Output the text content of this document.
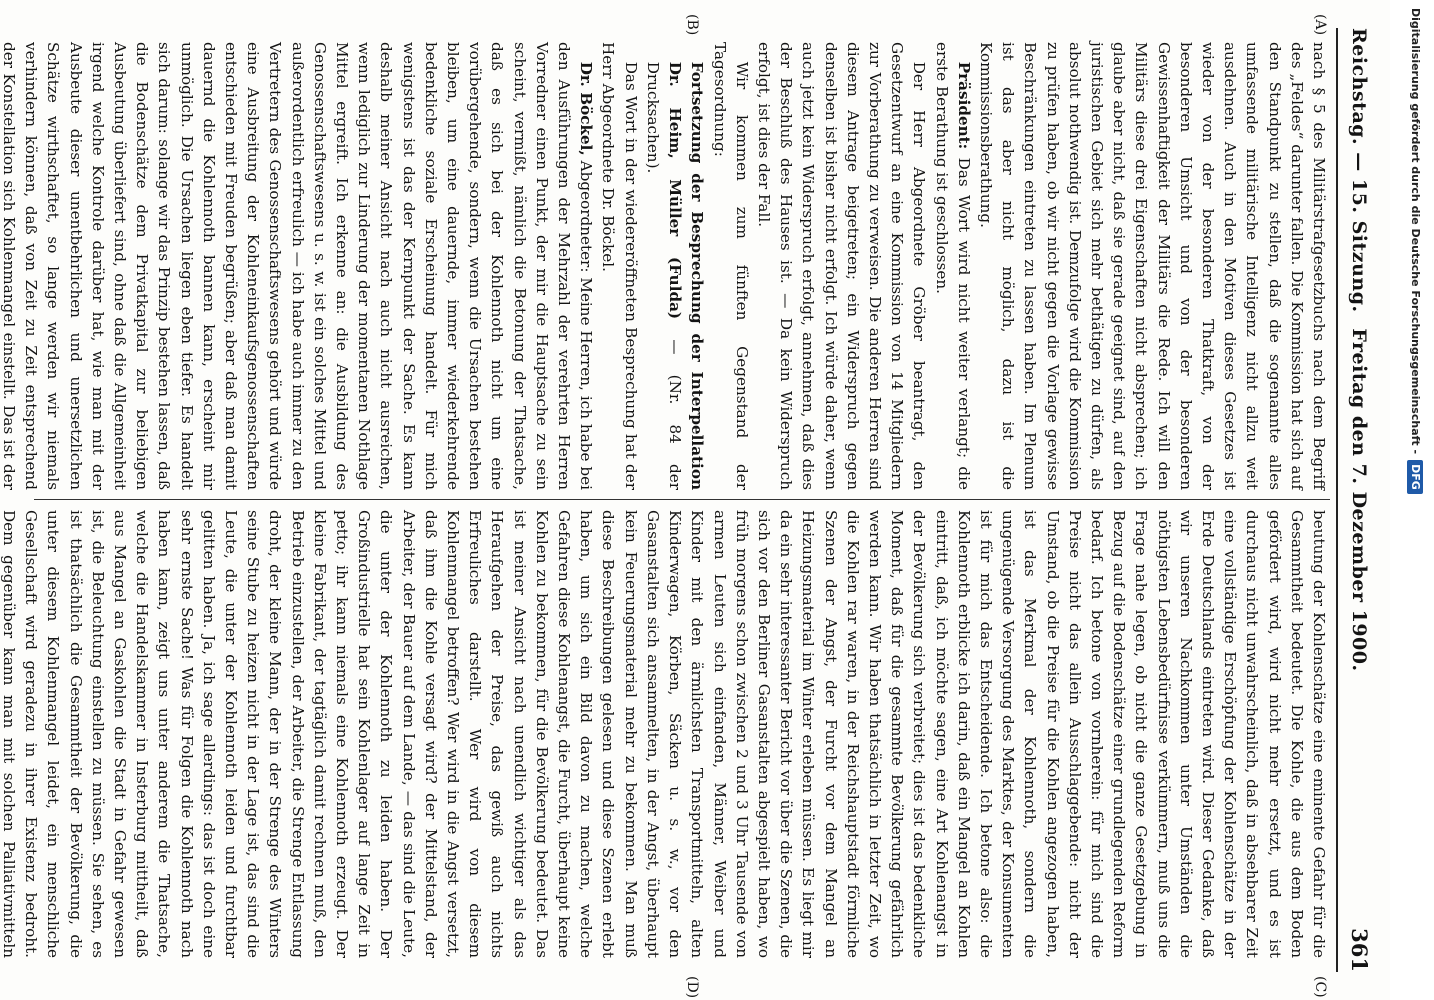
Reichstag. — 15. Sitzung.
Freitag den 7. Dezember 1900.
361
(A)
(B)
(C)
(D)

nach § 5 des Militärstrafgesetzbuchs nach dem Begriff des „Feldes“ darunter fallen. Die Kommission hat sich auf den Standpunkt zu stellen, daß die sogenannte alles umfassende militärische Intelligenz nicht allzu weit ausdehnen. Auch in den Motiven dieses Gesetzes ist wieder von der besonderen Thatkraft, von der besonderen Umsicht und von der besonderen Gewissenhaftigkeit der Militärs die Rede. Ich will den Militärs diese drei Eigenschaften nicht absprechen; ich glaube aber nicht, daß sie gerade geeignet sind, auf den juristischen Gebiet sich mehr bethätigen zu dürfen, als absolut nothwendig ist. Demzufolge wird die Kommission zu prüfen haben, ob wir nicht gegen die Vorlage gewisse Beschränkungen eintreten zu lassen haben. Im Plenum ist das aber nicht möglich, dazu ist die Kommissionsberathung.

Präsident: Das Wort wird nicht weiter verlangt; die erste Berathung ist geschlossen.

Der Herr Abgeordnete Gröber beantragt, den Gesetzentwurf an eine Kommission von 14 Mitgliedern zur Vorberathung zu verweisen. Die anderen Herren sind diesem Antrage beigetreten; ein Widerspruch gegen denselben ist bisher nicht erfolgt. Ich würde daher, wenn auch jetzt kein Widerspruch erfolgt, annehmen, daß dies der Beschluß des Hauses ist. — Da kein Widerspruch erfolgt, ist dies der Fall.

Wir kommen zum fünften Gegenstand der Tagesordnung:

Fortsetzung der Besprechung der Interpellation Dr. Heim, Müller (Fulda) — (Nr. 84 der Drucksachen).

Das Wort in der wiedereröffneten Besprechung hat der Herr Abgeordnete Dr. Böckel.

Dr. Böckel, Abgeordneter: Meine Herren, ich habe bei den Ausführungen der Mehrzahl der verehrten Herren Vorredner einen Punkt, der mir die Hauptsache zu sein scheint, vermißt, nämlich die Betonung der Thatsache, daß es sich bei der Kohlennoth nicht um eine vorübergehende, sondern, wenn die Ursachen bestehen bleiben, um eine dauernde, immer wiederkehrende bedenkliche soziale Erscheinung handelt. Für mich wenigstens ist das der Kernpunkt der Sache. Es kann deshalb meiner Ansicht nach auch nicht ausreichen, wenn lediglich zur Linderung der momentanen Nothlage Mittel ergreift. Ich erkenne an: die Ausbildung des Genossenschaftswesens u. s. w. ist ein solches Mittel und außerordentlich erfreulich — ich habe auch immer zu den Vertretern des Genossenschaftswesens gehört und würde eine Ausbreitung der Kohleneinkaufsgenossenschaften entschieden mit Freuden begrüßen; aber daß man damit dauernd die Kohlennoth bannen kann, erscheint mir unmöglich. Die Ursachen liegen eben tiefer. Es handelt sich darum: solange wir das Prinzip bestehen lassen, daß die Bodenschätze dem Privatkapital zur beliebigen Ausbeutung überliefert sind, ohne daß die Allgemeinheit irgend welche Kontrole darüber hat, wie man mit der Ausbeute dieser unentbehrlichen und unersetzlichen Schätze wirthschaftet, so lange werden wir niemals verhindern können, daß von Zeit zu Zeit entsprechend der Konstellation sich Kohlenmangel einstellt. Das ist der

beutung der Kohlenschätze eine eminente Gefahr für die Gesammtheit bedeutet. Die Kohle, die aus dem Boden gefördert wird, wird nicht mehr ersetzt, und es ist durchaus nicht unwahrscheinlich, daß in absehbarer Zeit eine vollständige Erschöpfung der Kohlenschätze in der Erde Deutschlands eintreten wird. Dieser Gedanke, daß wir unseren Nachkommen unter Umständen die nöthigsten Lebensbedürfnisse verkümmern, muß uns die Frage nahe legen, ob nicht die ganze Gesetzgebung in Bezug auf die Bodenschätze einer grundlegenden Reform bedarf. Ich betone von vornherein: für mich sind die Preise nicht das allein Ausschlaggebende: nicht der Umstand, ob die Preise für die Kohlen angezogen haben, ist das Merkmal der Kohlennoth, sondern die ungenügende Versorgung des Marktes, der Konsumenten ist für mich das Entscheidende. Ich betone also: die Kohlennoth erblicke ich darin, daß ein Mangel an Kohlen eintritt, daß, ich möchte sagen, eine Art Kohlenangst in der Bevölkerung sich verbreitet; dies ist das bedenkliche Moment, daß für die gesammte Bevölkerung gefährlich werden kann. Wir haben thatsächlich in letzter Zeit, wo die Kohlen rar waren, in der Reichshauptstadt förmliche Szenen der Angst, der Furcht vor dem Mangel an Heizungsmaterial im Winter erleben müssen. Es liegt mir da ein sehr interessanter Bericht vor über die Szenen, die sich vor den Berliner Gasanstalten abgespielt haben, wo früh morgens schon zwischen 2 und 3 Uhr Tausende von armen Leuten sich einfanden, Männer, Weiber und Kinder mit den ärmlichsten Transportmitteln, alten Kinderwagen, Körben, Säcken u. s. w., vor den Gasanstalten sich ansammelten, in der Angst, überhaupt kein Feuerungsmaterial mehr zu bekommen. Man muß diese Beschreibungen gelesen und diese Szenen erlebt haben, um sich ein Bild davon zu machen, welche Gefahren diese Kohlenangst, die Furcht, überhaupt keine Kohlen zu bekommen, für die Bevölkerung bedeutet. Das ist meiner Ansicht nach unendlich wichtiger als das Heraufgehen der Preise, das gewiß auch nichts Erfreuliches darstellt. Wer wird von diesem Kohlenmangel betroffen? Wer wird in die Angst versetzt, daß ihm die Kohle versagt wird? der Mittelstand, der Arbeiter, der Bauer auf dem Lande, — das sind die Leute, die unter der Kohlennoth zu leiden haben. Der Großindustrielle hat sein Kohlenlager auf lange Zeit in petto; ihr kann niemals eine Kohlennoth erzeugt. Der kleine Fabrikant, der tagtäglich damit rechnen muß, den Betrieb einzustellen, der Arbeiter, die Strenge Entlassung droht, der kleine Mann, der in der Strenge des Winters seine Stube zu heizen nicht in der Lage ist, das sind die Leute, die unter der Kohlennoth leiden und furchtbar gelitten haben. Ja, ich sage allerdings: das ist doch eine sehr ernste Sache! Was für Folgen die Kohlennoth nach haben kann, zeigt uns unter anderem die Thatsache, welche die Handelskammer in Insterburg mittheilt, daß aus Mangel an Gaskohlen die Stadt in Gefahr gewesen ist, die Beleuchtung einstellen zu müssen. Sie sehen, es ist thatsächlich die Gesammtheit der Bevölkerung, die unter diesem Kohlenmangel leidet, ein menschliche Gesellschaft wird geradezu in ihrer Existenz bedroht. Dem gegenüber kann man mit solchen Palliativmitteln

Digitalisierung gefördert durch die Deutsche Forschungsgemeinschaft -DFG
